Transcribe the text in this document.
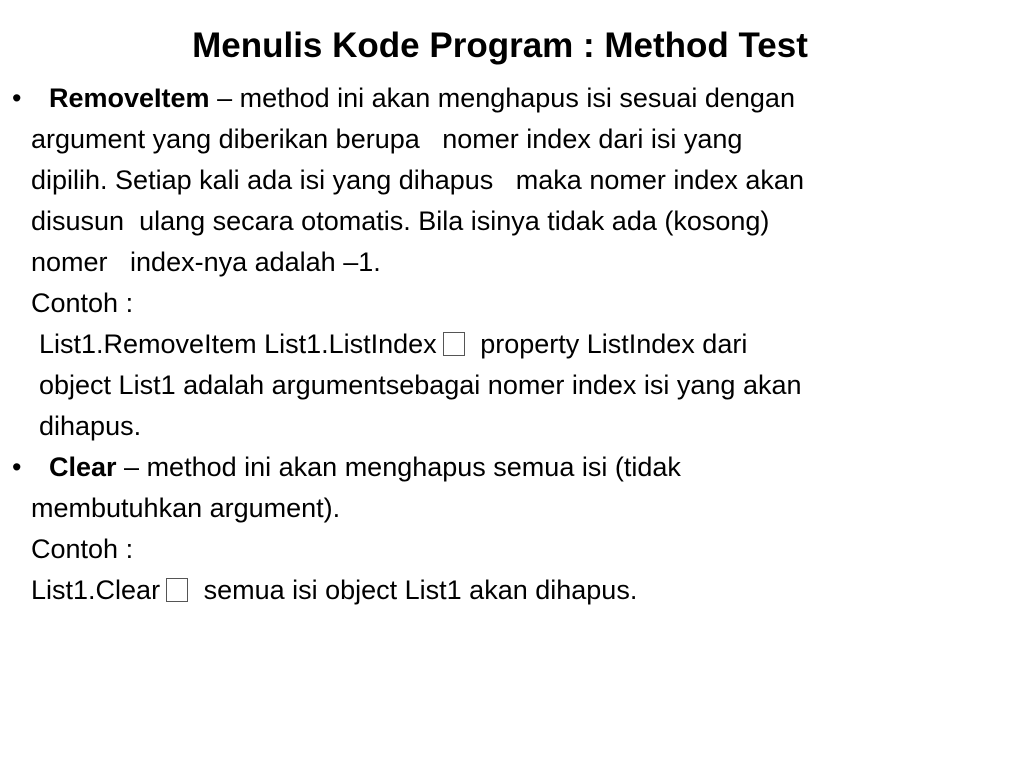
Menulis Kode Program : Method Test
•	RemoveItem – method ini akan menghapus isi sesuai dengan
argument yang diberikan berupa   nomer index dari isi yang
dipilih. Setiap kali ada isi yang dihapus   maka nomer index akan
disusun  ulang secara otomatis. Bila isinya tidak ada (kosong)
nomer   index-nya adalah –1.
Contoh :
List1.RemoveItem List1.ListIndex property ListIndex dari
object List1 adalah argumentsebagai nomer index isi yang akan
dihapus.
•	Clear – method ini akan menghapus semua isi (tidak
membutuhkan argument).
Contoh :
List1.Clear semua isi object List1 akan dihapus.
